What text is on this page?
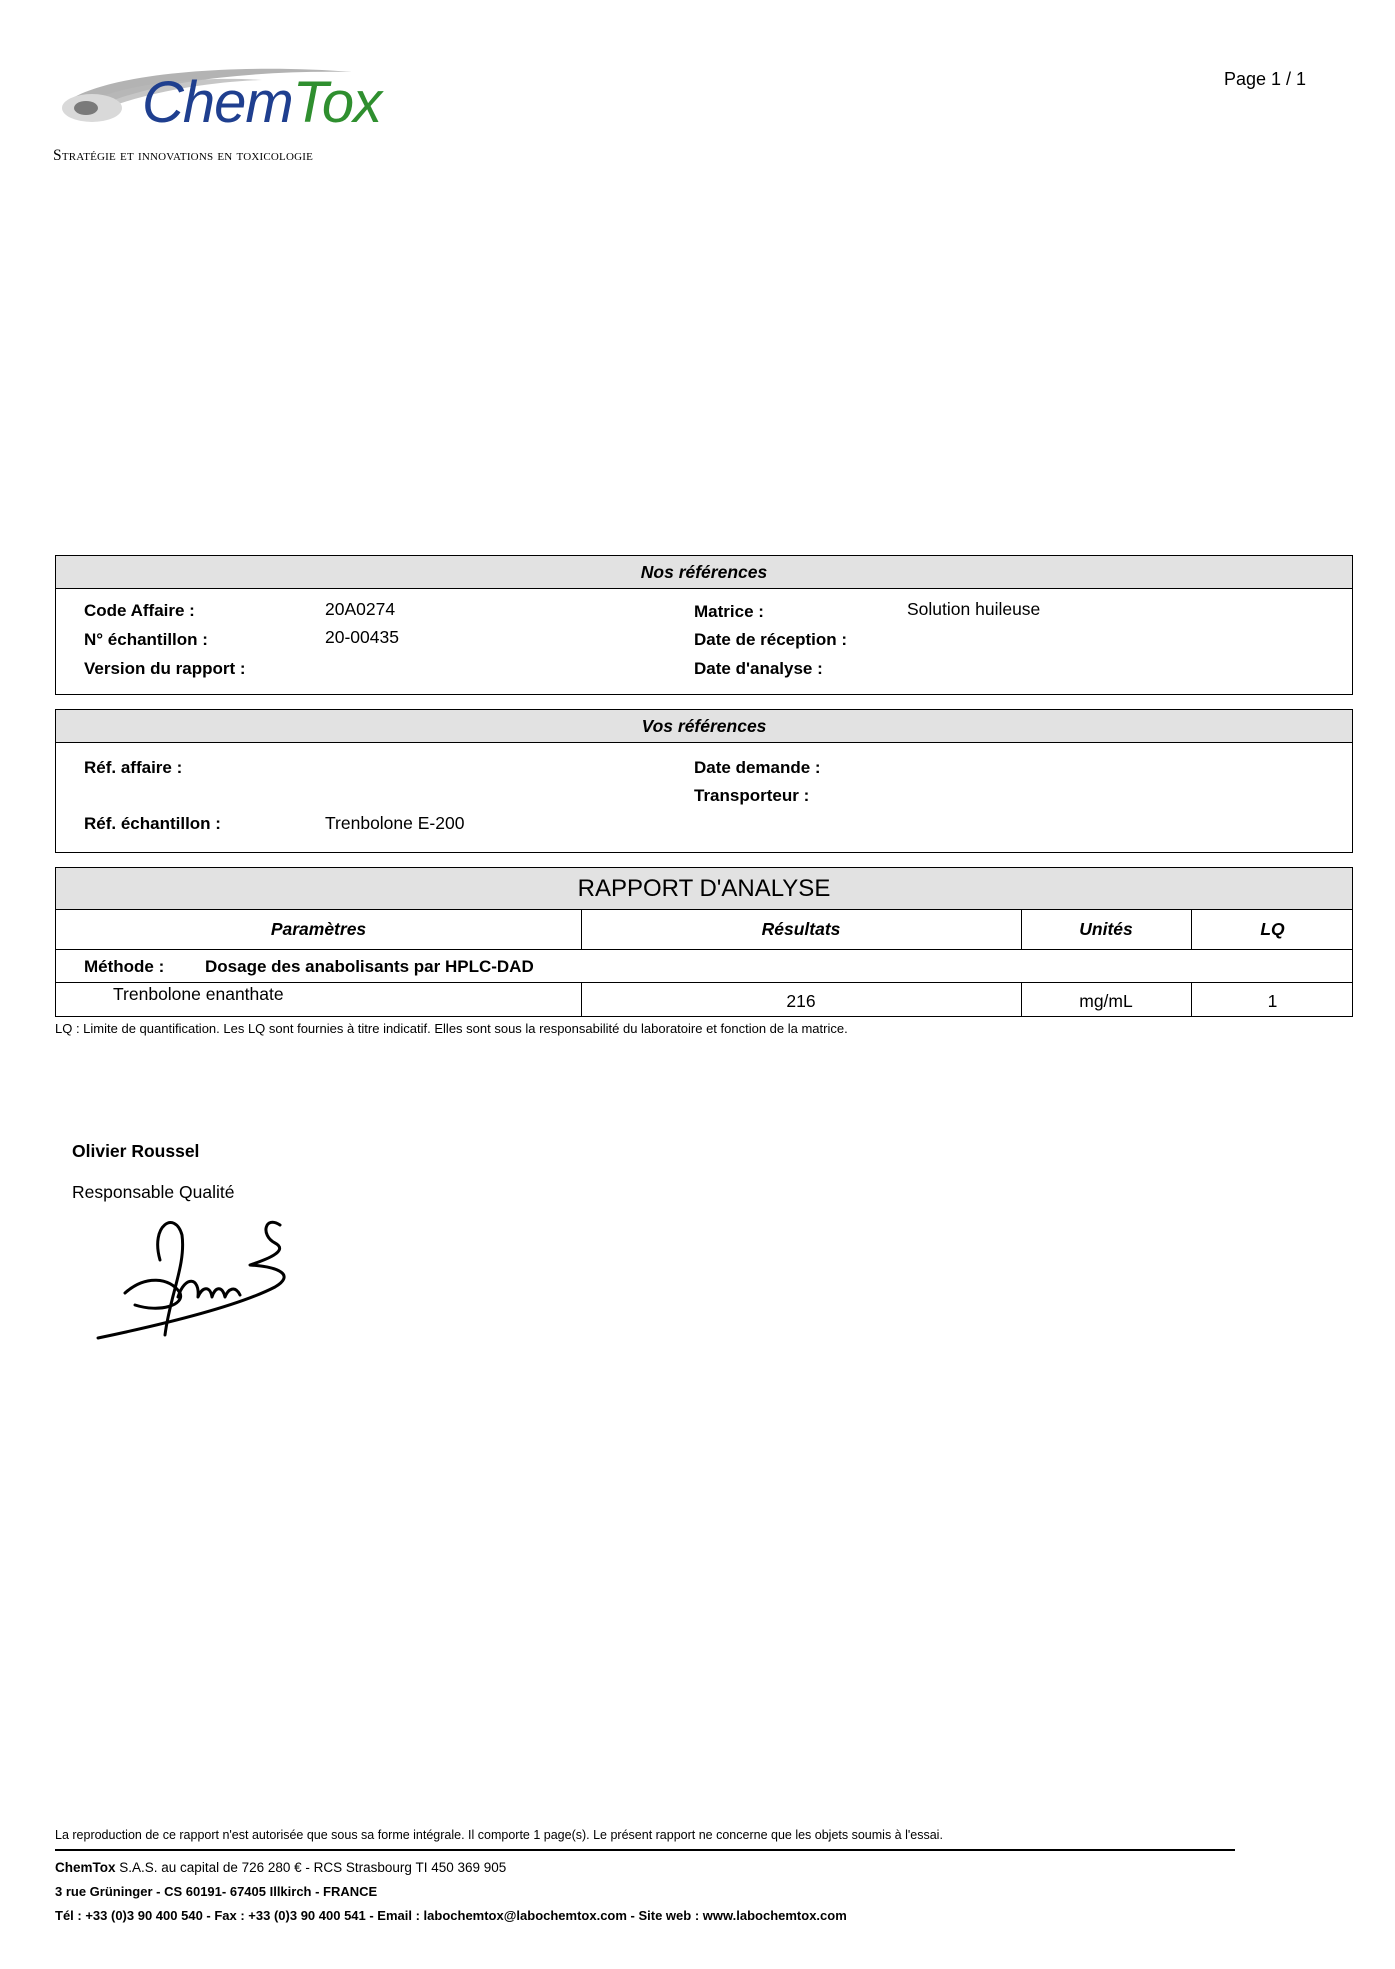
ChemTox
Stratégie et innovations en toxicologie
Page 1 / 1
Nos références
Code Affaire :	20A0274
N° échantillon :	20-00435
Version du rapport :
Matrice :	Solution huileuse
Date de réception :
Date d'analyse :
Vos références
Réf. affaire :
Réf. échantillon :	Trenbolone E-200
Date demande :
Transporteur :
RAPPORT D'ANALYSE
Paramètres	Résultats	Unités	LQ
Méthode : Dosage des anabolisants par HPLC-DAD
Trenbolone enanthate	216	mg/mL	1
LQ : Limite de quantification. Les LQ sont fournies à titre indicatif. Elles sont sous la responsabilité du laboratoire et fonction de la matrice.
Olivier Roussel
Responsable Qualité
La reproduction de ce rapport n'est autorisée que sous sa forme intégrale. Il comporte 1 page(s). Le présent rapport ne concerne que les objets soumis à l'essai.
ChemTox S.A.S. au capital de 726 280 € - RCS Strasbourg TI 450 369 905
3 rue Grüninger - CS 60191- 67405 Illkirch - FRANCE
Tél : +33 (0)3 90 400 540 - Fax : +33 (0)3 90 400 541 - Email : labochemtox@labochemtox.com - Site web : www.labochemtox.com
